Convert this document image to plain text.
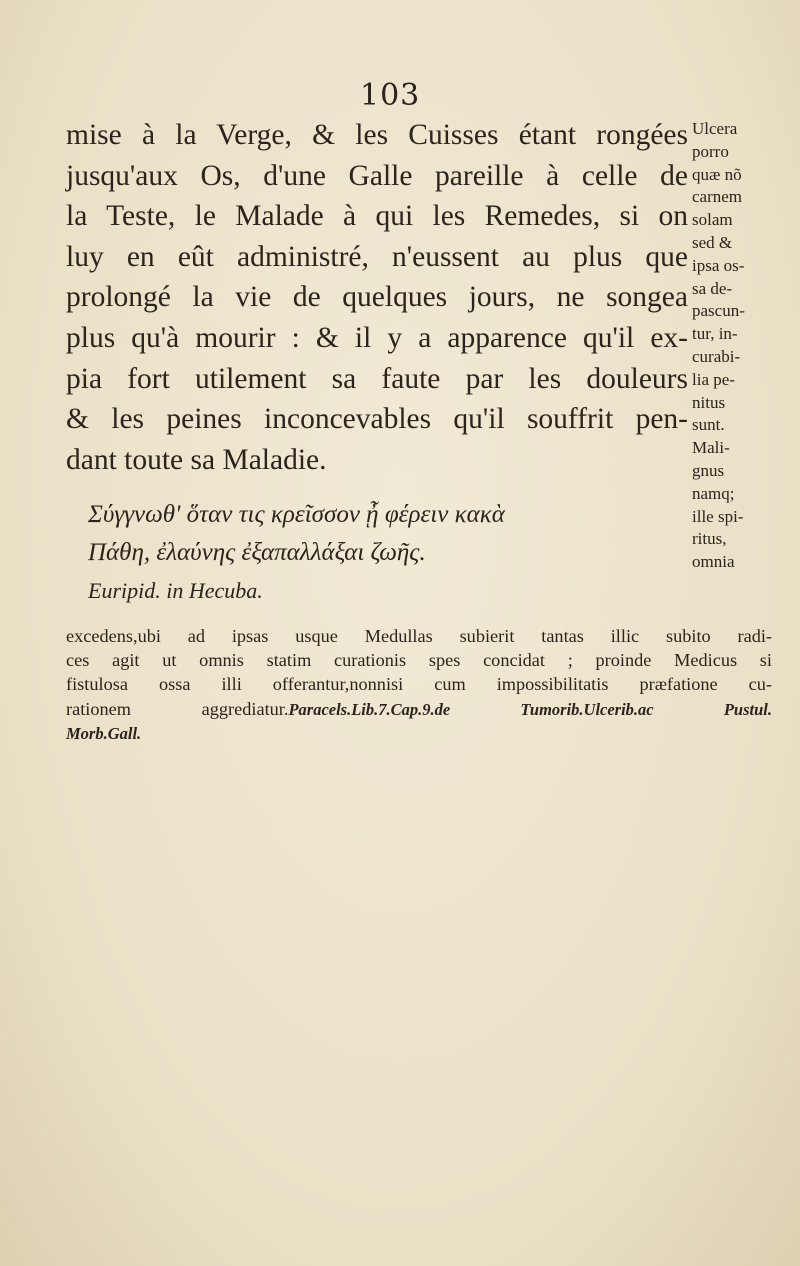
103
mise à la Verge, & les Cuisses étant rongées
jusqu'aux Os, d'une Galle pareille à celle de
la Teste, le Malade à qui les Remedes, si on
luy en eût administré, n'eussent au plus que
prolongé la vie de quelques jours, ne songea
plus qu'à mourir : & il y a apparence qu'il ex-
pia fort utilement sa faute par les douleurs
& les peines inconcevables qu'il souffrit pen-
dant toute sa Maladie.
Ulcera
porro
quæ nõ
carnem
solam
sed &
ipsa os-
sa de-
pascun-
tur, in-
curabi-
lia pe-
nitus
sunt.
Mali-
gnus
namq;
ille spi-
ritus,
omnia
Σύγγνωθ' ὅταν τις κρεῖσσον ᾖ φέρειν κακὰ
Πάθη, ἐλαύνης ἐξαπαλλάξαι ζωῆς.
Euripid. in Hecuba.
excedens,ubi ad ipsas usque Medullas subierit tantas illic subito radi-
ces agit ut omnis statim curationis spes concidat ; proinde Medicus si
fistulosa ossa illi offerantur,nonnisi cum impossibilitatis præfatione cu-
rationem aggrediatur.Paracels.Lib.7.Cap.9.de Tumorib.Ulcerib.ac Pustul.
Morb.Gall.
